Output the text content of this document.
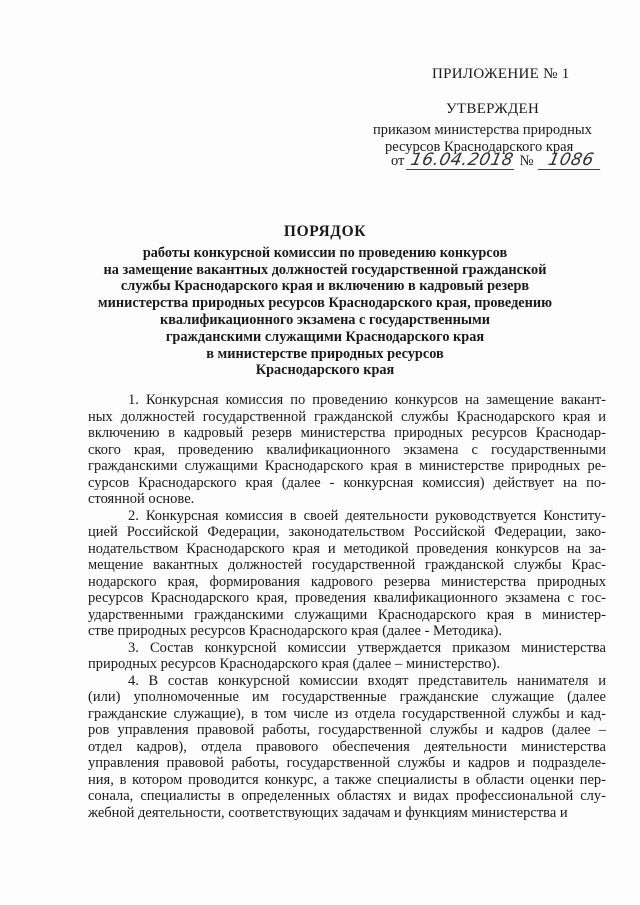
ПРИЛОЖЕНИЕ № 1
УТВЕРЖДЕН
приказом министерства природных
ресурсов Краснодарского края
от 16.04.2018 № 1086
ПОРЯДОК
работы конкурсной комиссии по проведению конкурсов
на замещение вакантных должностей государственной гражданской
службы Краснодарского края и включению в кадровый резерв
министерства природных ресурсов Краснодарского края, проведению
квалификационного экзамена с государственными
гражданскими служащими Краснодарского края
в министерстве природных ресурсов
Краснодарского края

1. Конкурсная комиссия по проведению конкурсов на замещение вакант-
ных должностей государственной гражданской службы Краснодарского края и
включению в кадровый резерв министерства природных ресурсов Краснодар-
ского края, проведению квалификационного экзамена с государственными
гражданскими служащими Краснодарского края в министерстве природных ре-
сурсов Краснодарского края (далее - конкурсная комиссия) действует на по-
стоянной основе.

2. Конкурсная комиссия в своей деятельности руководствуется Конститу-
цией Российской Федерации, законодательством Российской Федерации, зако-
нодательством Краснодарского края и методикой проведения конкурсов на за-
мещение вакантных должностей государственной гражданской службы Крас-
нодарского края, формирования кадрового резерва министерства природных
ресурсов Краснодарского края, проведения квалификационного экзамена с гос-
ударственными гражданскими служащими Краснодарского края в министер-
стве природных ресурсов Краснодарского края (далее - Методика).

3. Состав конкурсной комиссии утверждается приказом министерства
природных ресурсов Краснодарского края (далее – министерство).

4. В состав конкурсной комиссии входят представитель нанимателя и
(или) уполномоченные им государственные гражданские служащие (далее
гражданские служащие), в том числе из отдела государственной службы и кад-
ров управления правовой работы, государственной службы и кадров (далее –
отдел кадров), отдела правового обеспечения деятельности министерства
управления правовой работы, государственной службы и кадров и подразделе-
ния, в котором проводится конкурс, а также специалисты в области оценки пер-
сонала, специалисты в определенных областях и видах профессиональной слу-
жебной деятельности, соответствующих задачам и функциям министерства и
